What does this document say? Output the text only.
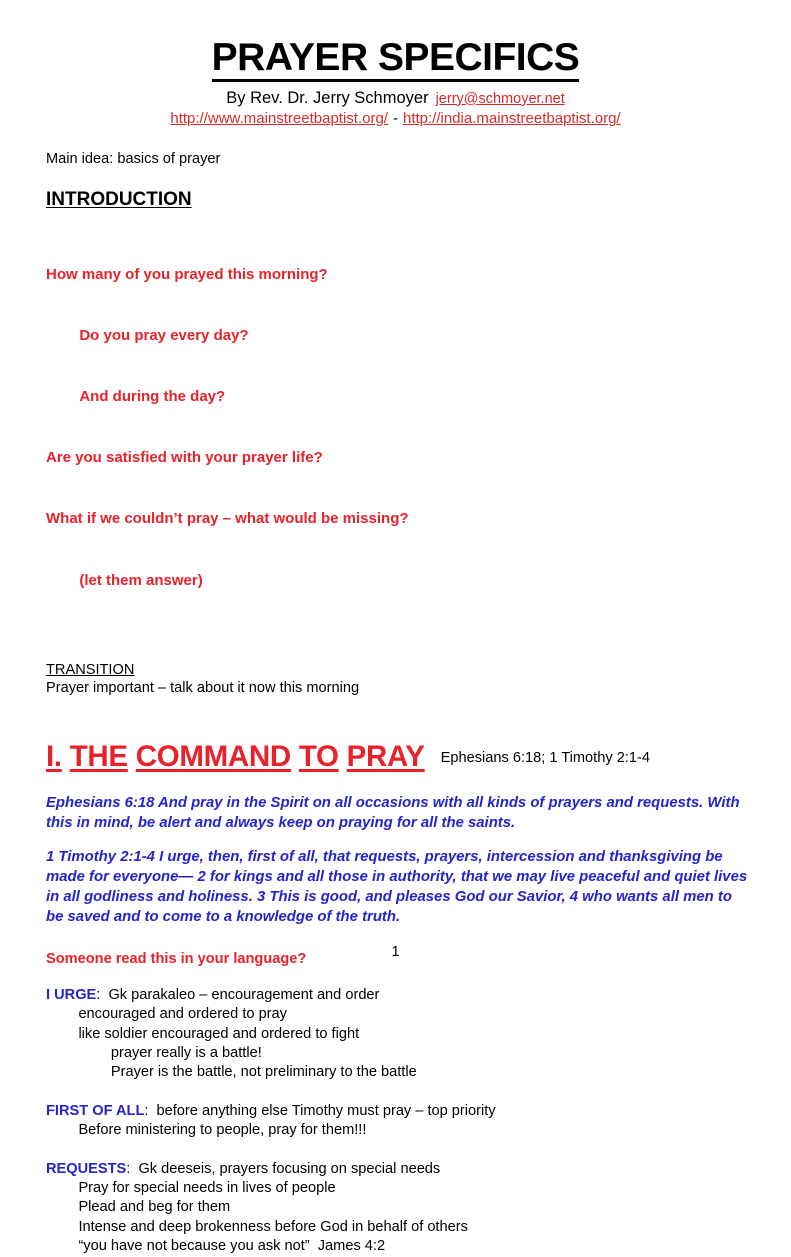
PRAYER SPECIFICS
By Rev. Dr. Jerry Schmoyer jerry@schmoyer.net
http://www.mainstreetbaptist.org/ - http://india.mainstreetbaptist.org/
Main idea: basics of prayer
INTRODUCTION

How many of you prayed this morning?

	Do you pray every day?

	And during the day?

Are you satisfied with your prayer life?

What if we couldn’t pray – what would be missing?

	(let them answer)

TRANSITION
Prayer important – talk about it now this morning
I. THE COMMAND TO PRAY Ephesians 6:18; 1 Timothy 2:1-4

Ephesians 6:18 And pray in the Spirit on all occasions with all kinds of prayers and requests. With this in mind, be alert and always keep on praying for all the saints.

1 Timothy 2:1-4 I urge, then, first of all, that requests, prayers, intercession and thanksgiving be made for everyone— 2 for kings and all those in authority, that we may live peaceful and quiet lives in all godliness and holiness. 3 This is good, and pleases God our Savior, 4 who wants all men to be saved and to come to a knowledge of the truth.

Someone read this in your language?
I URGE:  Gk parakaleo – encouragement and order
	encouraged and ordered to pray
	like soldier encouraged and ordered to fight
		prayer really is a battle!
		Prayer is the battle, not preliminary to the battle
FIRST OF ALL:  before anything else Timothy must pray – top priority
	Before ministering to people, pray for them!!!
REQUESTS:  Gk deeseis, prayers focusing on special needs
	Pray for special needs in lives of people
	Plead and beg for them
	Intense and deep brokenness before God in behalf of others
	“you have not because you ask not”  James 4:2
1
